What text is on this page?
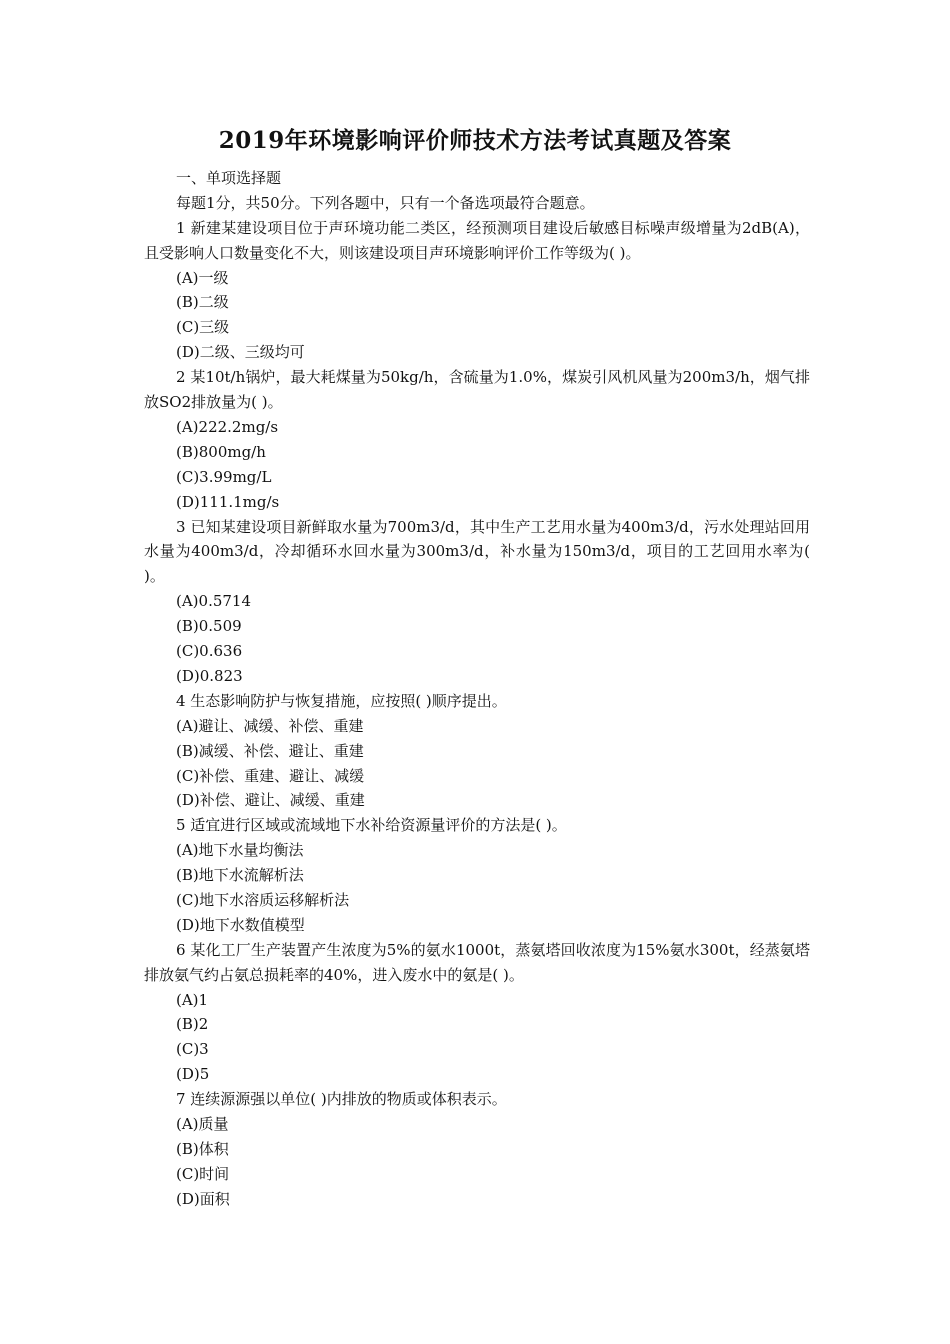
2019年环境影响评价师技术方法考试真题及答案
一、单项选择题
每题1分，共50分。下列各题中，只有一个备选项最符合题意。
1 新建某建设项目位于声环境功能二类区，经预测项目建设后敏感目标噪声级增量为2dB(A)，且受影响人口数量变化不大，则该建设项目声环境影响评价工作等级为( )。
(A)一级
(B)二级
(C)三级
(D)二级、三级均可
2 某10t/h锅炉，最大耗煤量为50kg/h，含硫量为1.0%，煤炭引风机风量为200m3/h，烟气排放SO2排放量为( )。
(A)222.2mg/s
(B)800mg/h
(C)3.99mg/L
(D)111.1mg/s
3 已知某建设项目新鲜取水量为700m3/d，其中生产工艺用水量为400m3/d，污水处理站回用水量为400m3/d，冷却循环水回水量为300m3/d，补水量为150m3/d，项目的工艺回用水率为( )。
(A)0.5714
(B)0.509
(C)0.636
(D)0.823
4 生态影响防护与恢复措施，应按照( )顺序提出。
(A)避让、减缓、补偿、重建
(B)减缓、补偿、避让、重建
(C)补偿、重建、避让、减缓
(D)补偿、避让、减缓、重建
5 适宜进行区域或流域地下水补给资源量评价的方法是( )。
(A)地下水量均衡法
(B)地下水流解析法
(C)地下水溶质运移解析法
(D)地下水数值模型
6 某化工厂生产装置产生浓度为5%的氨水1000t，蒸氨塔回收浓度为15%氨水300t，经蒸氨塔排放氨气约占氨总损耗率的40%，进入废水中的氨是( )。
(A)1
(B)2
(C)3
(D)5
7 连续源源强以单位( )内排放的物质或体积表示。
(A)质量
(B)体积
(C)时间
(D)面积
